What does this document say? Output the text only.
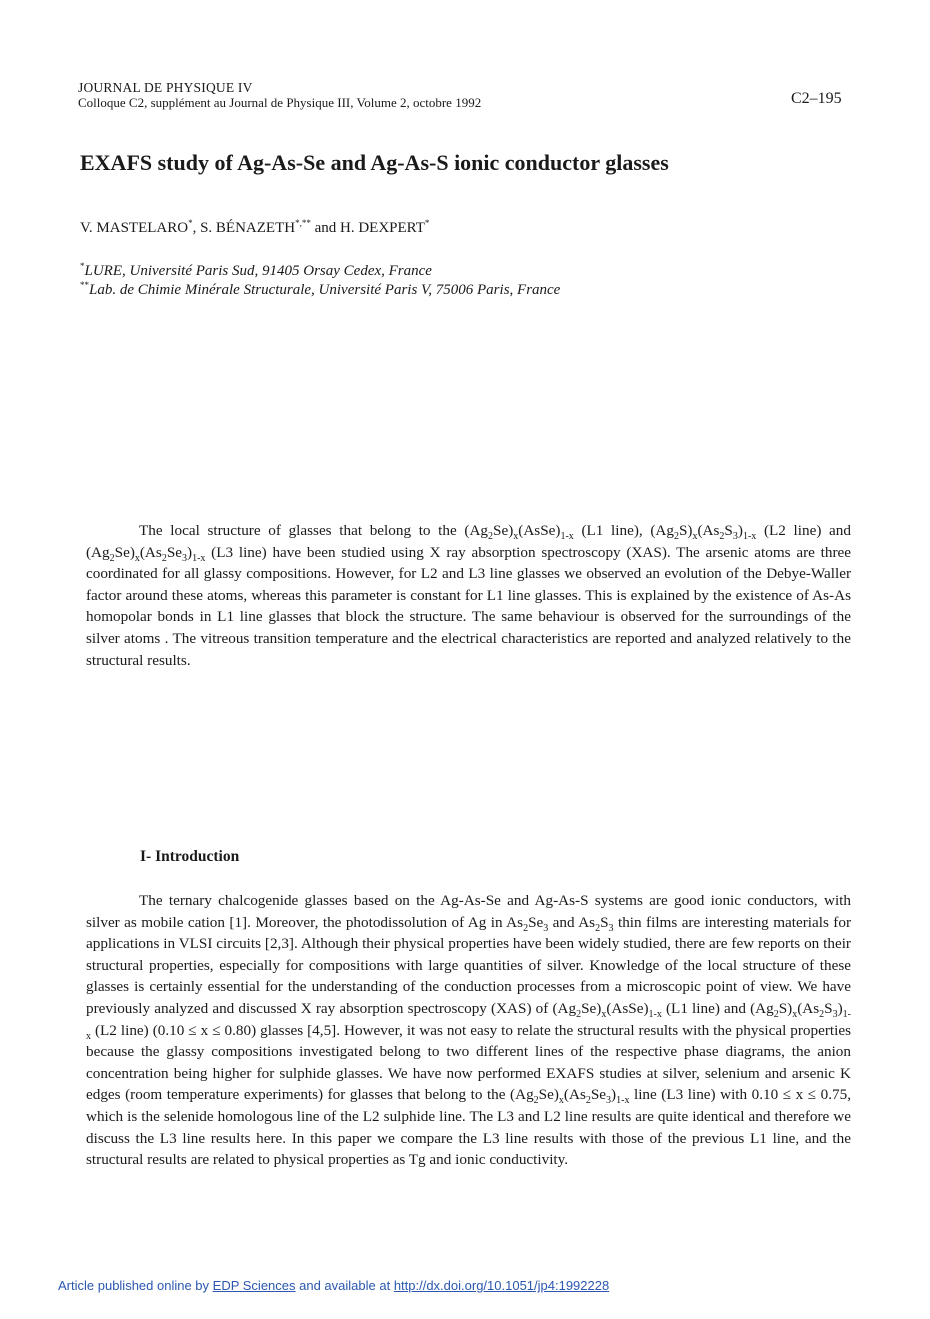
JOURNAL DE PHYSIQUE IV
Colloque C2, supplément au Journal de Physique III, Volume 2, octobre 1992	C2–195
EXAFS study of Ag-As-Se and Ag-As-S ionic conductor glasses
V. MASTELARO*, S. BÉNAZETH*,** and H. DEXPERT*
*LURE, Université Paris Sud, 91405 Orsay Cedex, France
**Lab. de Chimie Minérale Structurale, Université Paris V, 75006 Paris, France

The local structure of glasses that belong to the $(Ag_2Se)_x(AsSe)_{1-x}$ (L1 line), $(Ag_2S)_x(As_2S_3)_{1-x}$ (L2 line) and $(Ag_2Se)_x(As_2Se_3)_{1-x}$ (L3 line) have been studied using X ray absorption spectroscopy (XAS). The arsenic atoms are three coordinated for all glassy compositions. However, for L2 and L3 line glasses we observed an evolution of the Debye-Waller factor around these atoms, whereas this parameter is constant for L1 line glasses. This is explained by the existence of As-As homopolar bonds in L1 line glasses that block the structure. The same behaviour is observed for the surroundings of the silver atoms . The vitreous transition temperature and the electrical characteristics are reported and analyzed relatively to the structural results.

I- Introduction

The ternary chalcogenide glasses based on the Ag-As-Se and Ag-As-S systems are good ionic conductors, with silver as mobile cation [1]. Moreover, the photodissolution of Ag in $As_2Se_3$ and $As_2S_3$ thin films are interesting materials for applications in VLSI circuits [2,3]. Although their physical properties have been widely studied, there are few reports on their structural properties, especially for compositions with large quantities of silver. Knowledge of the local structure of these glasses is certainly essential for the understanding of the conduction processes from a microscopic point of view. We have previously analyzed and discussed X ray absorption spectroscopy (XAS) of $(Ag_2Se)_x(AsSe)_{1-x}$ (L1 line) and $(Ag_2S)_x(As_2S_3)_{1-x}$ (L2 line) (0.10 ≤ x ≤ 0.80) glasses [4,5]. However, it was not easy to relate the structural results with the physical properties because the glassy compositions investigated belong to two different lines of the respective phase diagrams, the anion concentration being higher for sulphide glasses. We have now performed EXAFS studies at silver, selenium and arsenic K edges (room temperature experiments) for glasses that belong to the $(Ag_2Se)_x(As_2Se_3)_{1-x}$ line (L3 line) with 0.10 ≤ x ≤ 0.75, which is the selenide homologous line of the L2 sulphide line. The L3 and L2 line results are quite identical and therefore we discuss the L3 line results here. In this paper we compare the L3 line results with those of the previous L1 line, and the structural results are related to physical properties as Tg and ionic conductivity.

Article published online by EDP Sciences and available at http://dx.doi.org/10.1051/jp4:1992228
